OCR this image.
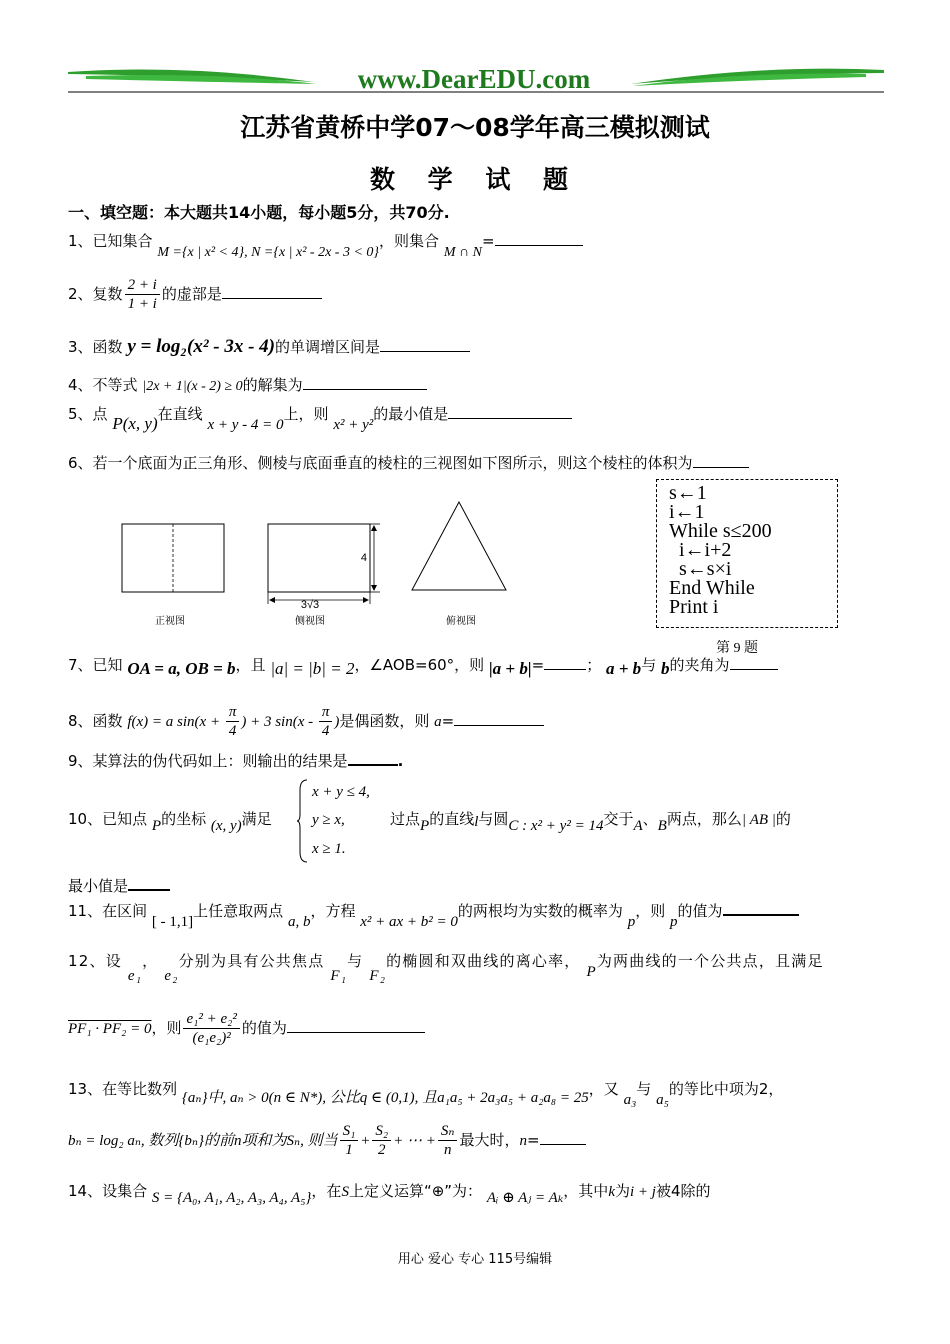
www.DearEDU.com
江苏省黄桥中学07～08学年高三模拟测试
数 学 试 题
一、填空题：本大题共14小题，每小题5分，共70分.
1、已知集合 M ={x | x² < 4}, N ={x | x² - 2x - 3 < 0}，则集合 M ∩ N=
2、复数 $\frac{2 + i}{1 + i}$ 的虚部是
3、函数 y = log₂(x² - 3x - 4)的单调增区间是
4、不等式 |2x + 1|(x - 2) ≥ 0的解集为
5、点 P(x, y)在直线 x + y - 4 = 0上，则 x² + y²的最小值是
6、若一个底面为正三角形、侧棱与底面垂直的棱柱的三视图如下图所示，则这个棱柱的体积为
4
3√3
正视图	侧视图	俯视图
s←1
i←1
While s≤200
i←i+2
s←s×i
End While
Print i
第 9 题
7、已知 OA = a, OB = b，且 |a| = |b| = 2，∠AOB=60°，则 |a + b|=	； a + b与 b的夹角为
8、函数 f(x) = a $\sin(x + \frac{\pi}{4}$ ) + 3 $\sin(x - \frac{\pi}{4}$ )是偶函数，则 a=
9、某算法的伪代码如上：则输出的结果是	.
10、已知点 P的坐标 (x, y)满足
x + y ≤ 4,
y ≥ x,
x ≥ 1.
过点P的直线l与圆C : x² + y² = 14交于A、B两点，那么| AB |的
最小值是
11、在区间 [ - 1,1]上任意取两点 a, b，方程 x² + ax + b² = 0的两根均为实数的概率为 p，则 p的值为
12、设 e₁， e₂分别为具有公共焦点 F₁与 F₂的椭圆和双曲线的离心率， P为两曲线的一个公共点，且满足
PF₁ · PF₂ = 0，则 $\frac{\text{e₁² + e₂²}}{\text{(e₁e₂)²}}$ 的值为
13、在等比数列 {aₙ}中, aₙ > 0(n ∈ N*), 公比q ∈ (0,1), 且a₁a₅ + 2a₃a₅ + a₂a₈ = 25，又 a₃与 a₅的等比中项为2，
bₙ = log₂ aₙ, 数列{bₙ}的前n项和为Sₙ, 则当 $\frac{\text{S₁}}{1} + \frac{\text{S₂}}{2}$ + ⋯ + $\frac{\text{Sₙ}}{n}$ 最大时，n=
14、设集合 S = {A₀, A₁, A₂, A₃, A₄, A₅}，在S上定义运算“⊕”为： Aᵢ ⊕ Aⱼ = Aₖ，其中k为i + j被4除的
用心 爱心 专心 115号编辑
